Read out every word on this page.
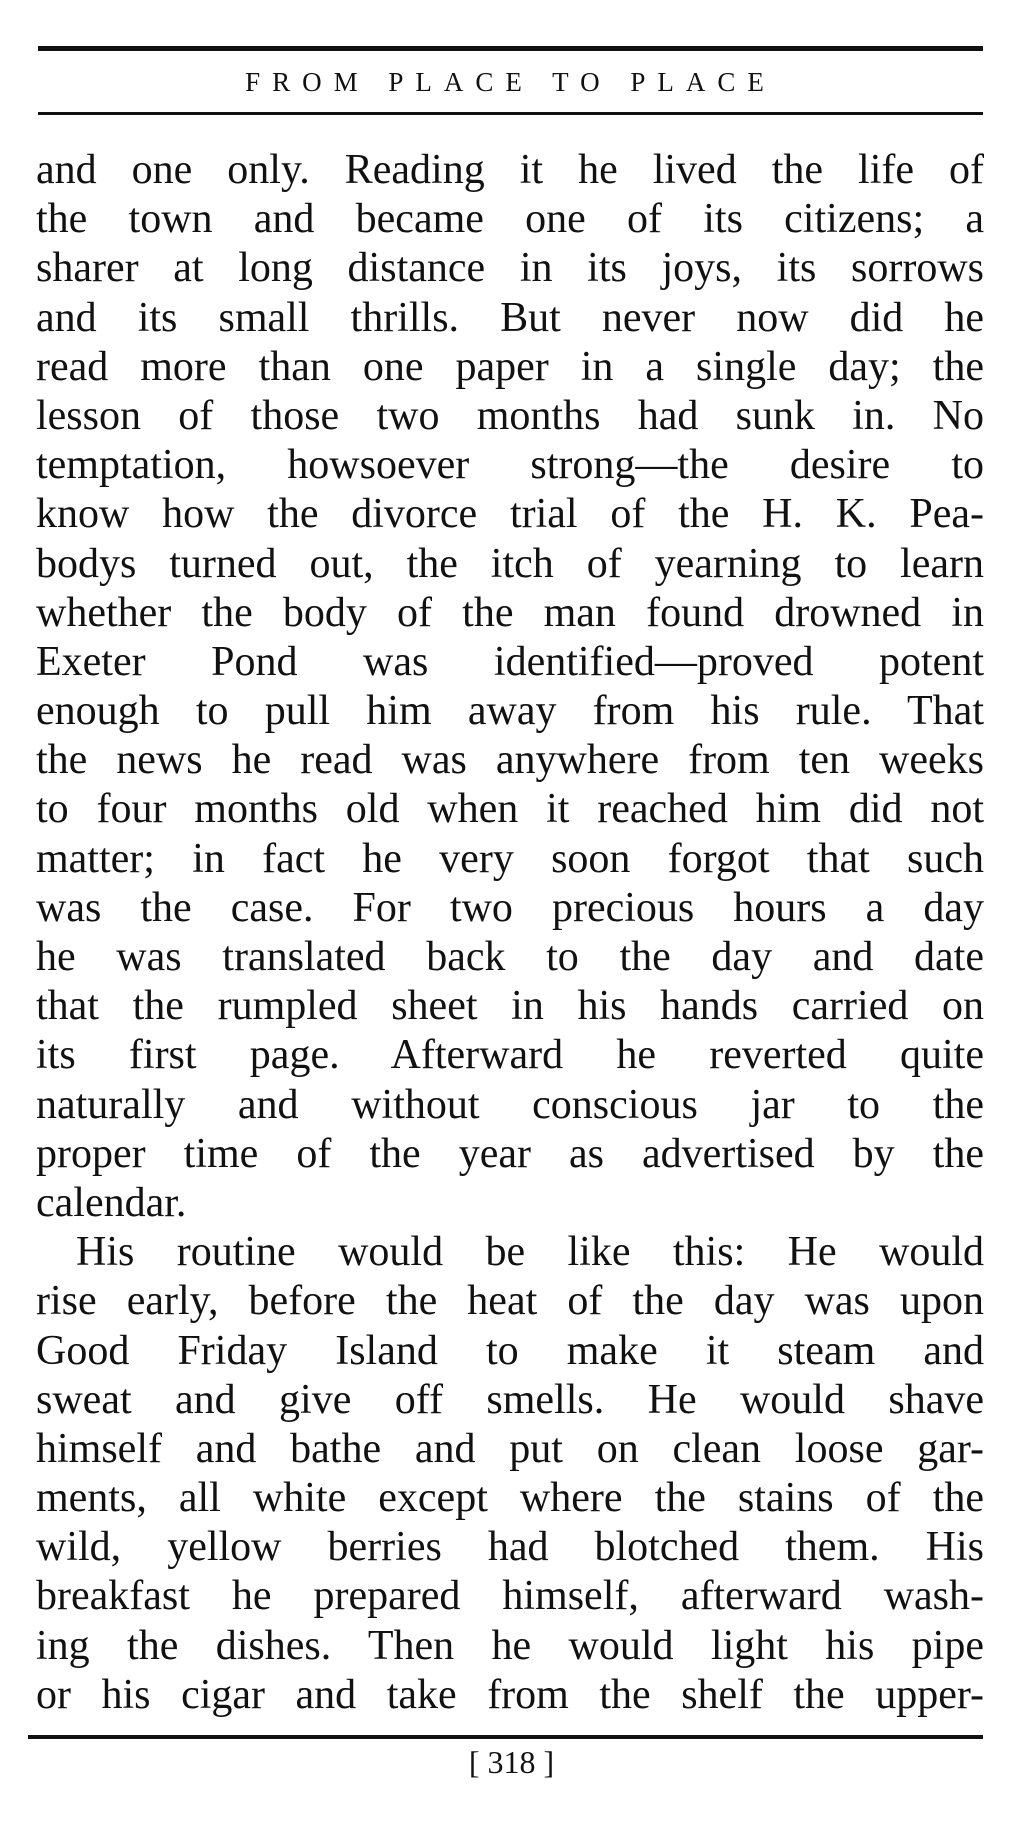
FROM PLACE TO PLACE
and one only. Reading it he lived the life of
the town and became one of its citizens; a
sharer at long distance in its joys, its sorrows
and its small thrills. But never now did he
read more than one paper in a single day; the
lesson of those two months had sunk in. No
temptation, howsoever strong—the desire to
know how the divorce trial of the H. K. Pea-
bodys turned out, the itch of yearning to learn
whether the body of the man found drowned in
Exeter Pond was identified—proved potent
enough to pull him away from his rule. That
the news he read was anywhere from ten weeks
to four months old when it reached him did not
matter; in fact he very soon forgot that such
was the case. For two precious hours a day
he was translated back to the day and date
that the rumpled sheet in his hands carried on
its first page. Afterward he reverted quite
naturally and without conscious jar to the
proper time of the year as advertised by the
calendar.
His routine would be like this: He would
rise early, before the heat of the day was upon
Good Friday Island to make it steam and
sweat and give off smells. He would shave
himself and bathe and put on clean loose gar-
ments, all white except where the stains of the
wild, yellow berries had blotched them. His
breakfast he prepared himself, afterward wash-
ing the dishes. Then he would light his pipe
or his cigar and take from the shelf the upper-
[ 318 ]
